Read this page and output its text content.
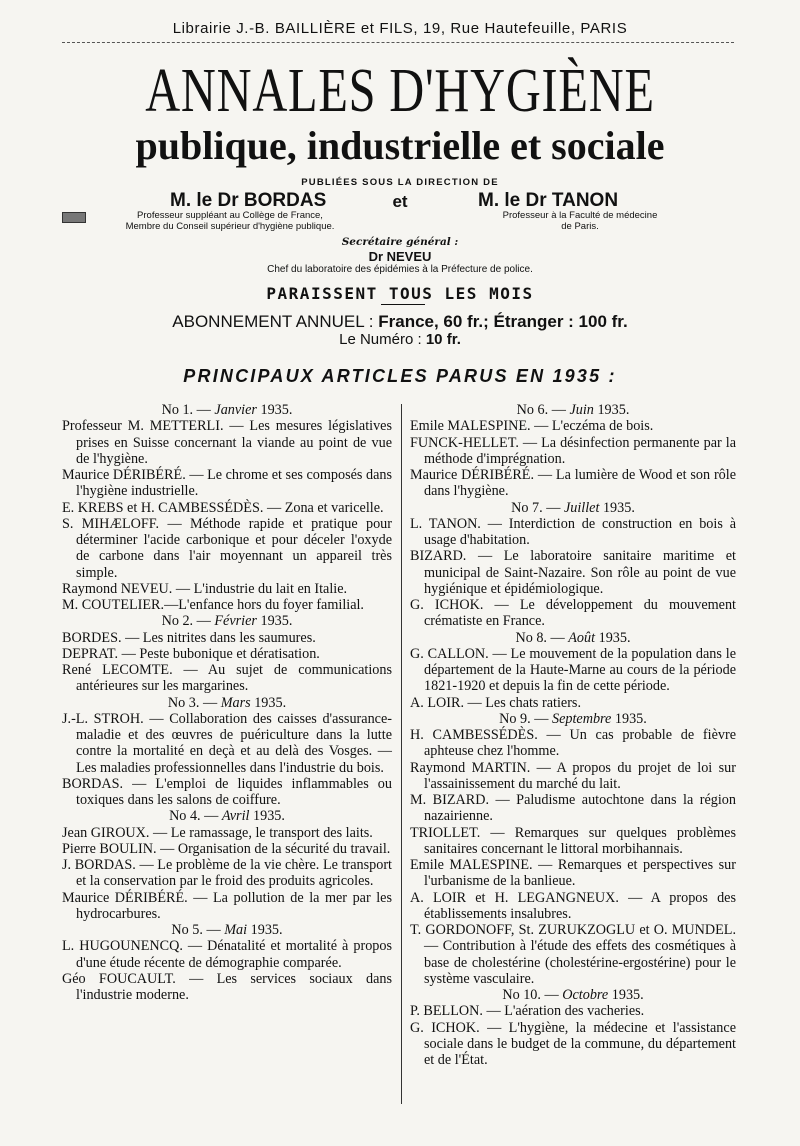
Librairie J.-B. BAILLIÈRE et FILS, 19, Rue Hautefeuille, PARIS
ANNALES D'HYGIÈNE
publique, industrielle et sociale
PUBLIÉES SOUS LA DIRECTION DE
M. le Dr BORDAS	et	M. le Dr TANON
Professeur suppléant au Collège de France,
Membre du Conseil supérieur d'hygiène publique.
Professeur à la Faculté de médecine
de Paris.
Secrétaire général :
Dr NEVEU
Chef du laboratoire des épidémies à la Préfecture de police.
PARAISSENT TOUS LES MOIS
ABONNEMENT ANNUEL : France, 60 fr.; Étranger : 100 fr.
Le Numéro : 10 fr.
PRINCIPAUX ARTICLES PARUS EN 1935 :
No 1. — Janvier 1935.
Professeur M. METTERLI. — Les mesures législatives prises en Suisse concernant la viande au point de vue de l'hygiène.
Maurice DÉRIBÉRÉ. — Le chrome et ses composés dans l'hygiène industrielle.
E. KREBS et H. CAMBESSÉDÈS. — Zona et varicelle.
S. MIHÆLOFF. — Méthode rapide et pratique pour déterminer l'acide carbonique et pour déceler l'oxyde de carbone dans l'air moyennant un appareil très simple.
Raymond NEVEU. — L'industrie du lait en Italie.
M. COUTELIER.—L'enfance hors du foyer familial.
No 2. — Février 1935.
BORDES. — Les nitrites dans les saumures.
DEPRAT. — Peste bubonique et dératisation.
René LECOMTE. — Au sujet de communications antérieures sur les margarines.
No 3. — Mars 1935.
J.-L. STROH. — Collaboration des caisses d'assurance-maladie et des œuvres de puériculture dans la lutte contre la mortalité en deçà et au delà des Vosges. — Les maladies professionnelles dans l'industrie du bois.
BORDAS. — L'emploi de liquides inflammables ou toxiques dans les salons de coiffure.
No 4. — Avril 1935.
Jean GIROUX. — Le ramassage, le transport des laits.
Pierre BOULIN. — Organisation de la sécurité du travail.
J. BORDAS. — Le problème de la vie chère. Le transport et la conservation par le froid des produits agricoles.
Maurice DÉRIBÉRÉ. — La pollution de la mer par les hydrocarbures.
No 5. — Mai 1935.
L. HUGOUNENCQ. — Dénatalité et mortalité à propos d'une étude récente de démographie comparée.
Géo FOUCAULT. — Les services sociaux dans l'industrie moderne.
No 6. — Juin 1935.
Emile MALESPINE. — L'eczéma de bois.
FUNCK-HELLET. — La désinfection permanente par la méthode d'imprégnation.
Maurice DÉRIBÉRÉ. — La lumière de Wood et son rôle dans l'hygiène.
No 7. — Juillet 1935.
L. TANON. — Interdiction de construction en bois à usage d'habitation.
BIZARD. — Le laboratoire sanitaire maritime et municipal de Saint-Nazaire. Son rôle au point de vue hygiénique et épidémiologique.
G. ICHOK. — Le développement du mouvement crématiste en France.
No 8. — Août 1935.
G. CALLON. — Le mouvement de la population dans le département de la Haute-Marne au cours de la période 1821-1920 et depuis la fin de cette période.
A. LOIR. — Les chats ratiers.
No 9. — Septembre 1935.
H. CAMBESSÉDÈS. — Un cas probable de fièvre aphteuse chez l'homme.
Raymond MARTIN. — A propos du projet de loi sur l'assainissement du marché du lait.
M. BIZARD. — Paludisme autochtone dans la région nazairienne.
TRIOLLET. — Remarques sur quelques problèmes sanitaires concernant le littoral morbihannais.
Emile MALESPINE. — Remarques et perspectives sur l'urbanisme de la banlieue.
A. LOIR et H. LEGANGNEUX. — A propos des établissements insalubres.
T. GORDONOFF, St. ZURUKZOGLU et O. MUNDEL. — Contribution à l'étude des effets des cosmétiques à base de cholestérine (cholestérine-ergostérine) pour le système vasculaire.
No 10. — Octobre 1935.
P. BELLON. — L'aération des vacheries.
G. ICHOK. — L'hygiène, la médecine et l'assistance sociale dans le budget de la commune, du département et de l'État.
